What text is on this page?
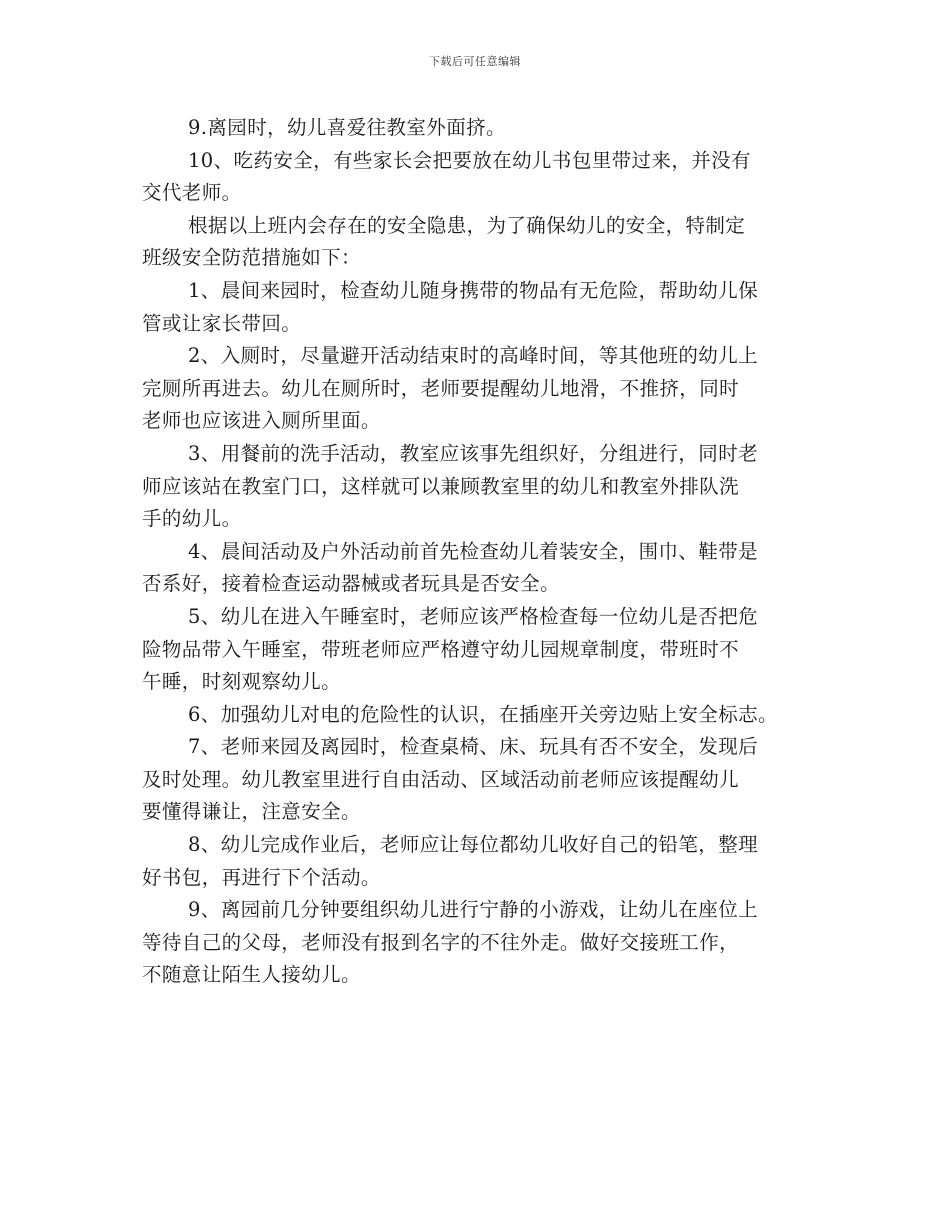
下载后可任意编辑
9.离园时，幼儿喜爱往教室外面挤。
10、吃药安全，有些家长会把要放在幼儿书包里带过来，并没有
交代老师。
根据以上班内会存在的安全隐患，为了确保幼儿的安全，特制定
班级安全防范措施如下：
1、晨间来园时，检查幼儿随身携带的物品有无危险，帮助幼儿保
管或让家长带回。
2、入厕时，尽量避开活动结束时的高峰时间，等其他班的幼儿上
完厕所再进去。幼儿在厕所时，老师要提醒幼儿地滑，不推挤，同时
老师也应该进入厕所里面。
3、用餐前的洗手活动，教室应该事先组织好，分组进行，同时老
师应该站在教室门口，这样就可以兼顾教室里的幼儿和教室外排队洗
手的幼儿。
4、晨间活动及户外活动前首先检查幼儿着装安全，围巾、鞋带是
否系好，接着检查运动器械或者玩具是否安全。
5、幼儿在进入午睡室时，老师应该严格检查每一位幼儿是否把危
险物品带入午睡室，带班老师应严格遵守幼儿园规章制度，带班时不
午睡，时刻观察幼儿。
6、加强幼儿对电的危险性的认识，在插座开关旁边贴上安全标志。
7、老师来园及离园时，检查桌椅、床、玩具有否不安全，发现后
及时处理。幼儿教室里进行自由活动、区域活动前老师应该提醒幼儿
要懂得谦让，注意安全。
8、幼儿完成作业后，老师应让每位都幼儿收好自己的铅笔，整理
好书包，再进行下个活动。
9、离园前几分钟要组织幼儿进行宁静的小游戏，让幼儿在座位上
等待自己的父母，老师没有报到名字的不往外走。做好交接班工作，
不随意让陌生人接幼儿。
